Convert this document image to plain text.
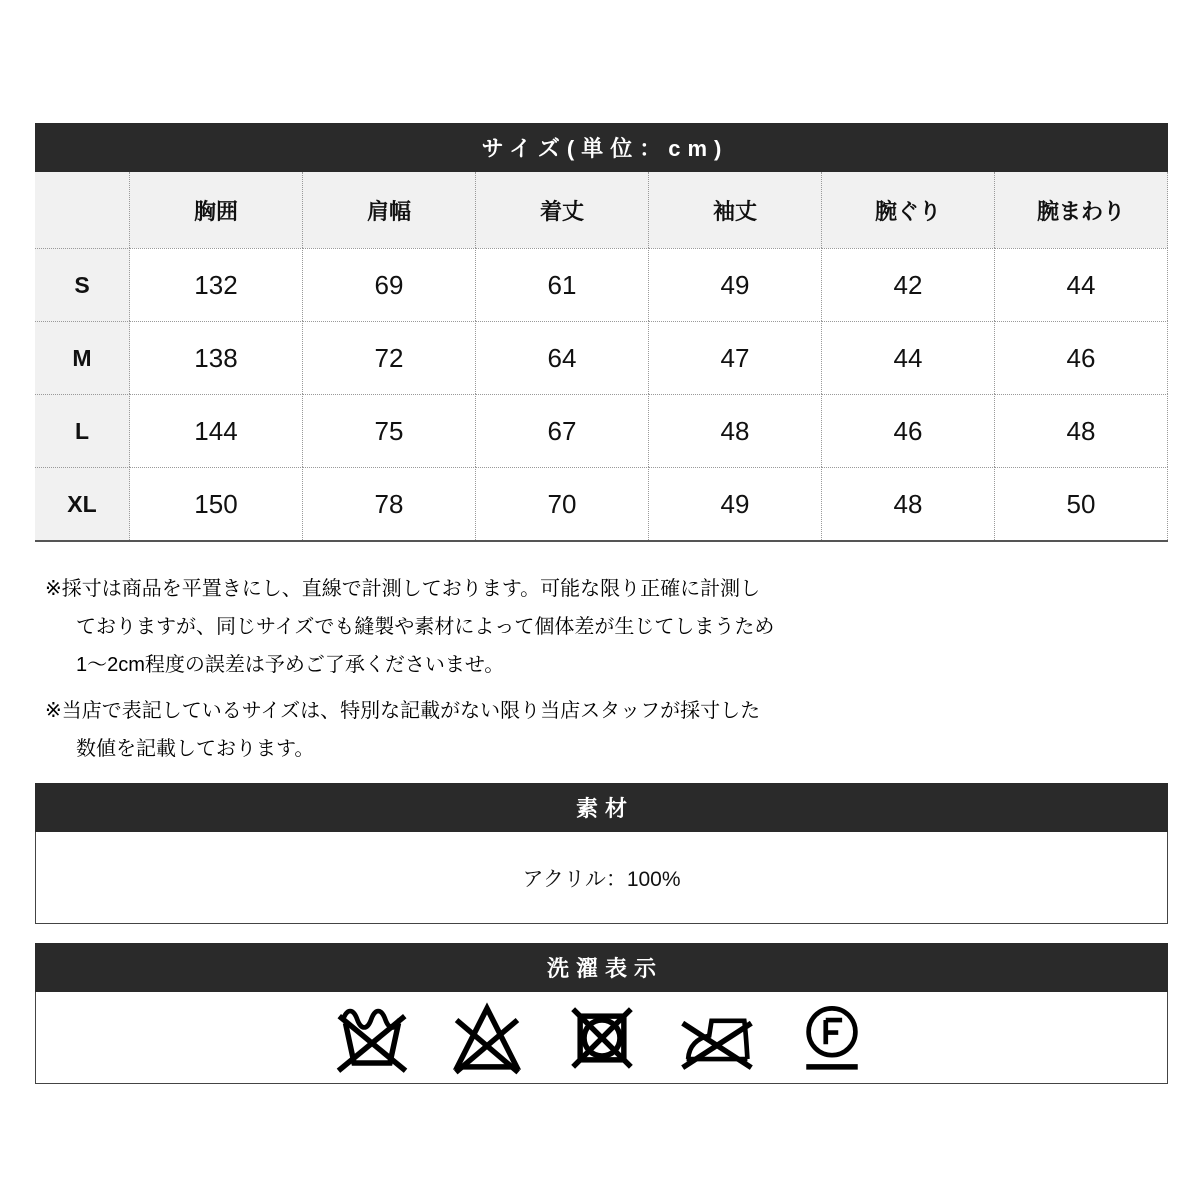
サイズ(単位：cm)
胸囲	肩幅	着丈	袖丈	腕ぐり	腕まわり
S	132	69	61	49	42	44
M	138	72	64	47	44	46
L	144	75	67	48	46	48
XL	150	78	70	49	48	50
※採寸は商品を平置きにし、直線で計測しております。可能な限り正確に計測し
ておりますが、同じサイズでも縫製や素材によって個体差が生じてしまうため
1〜2cm程度の誤差は予めご了承くださいませ。
※当店で表記しているサイズは、特別な記載がない限り当店スタッフが採寸した
数値を記載しております。
素材
アクリル：100%
洗濯表示
